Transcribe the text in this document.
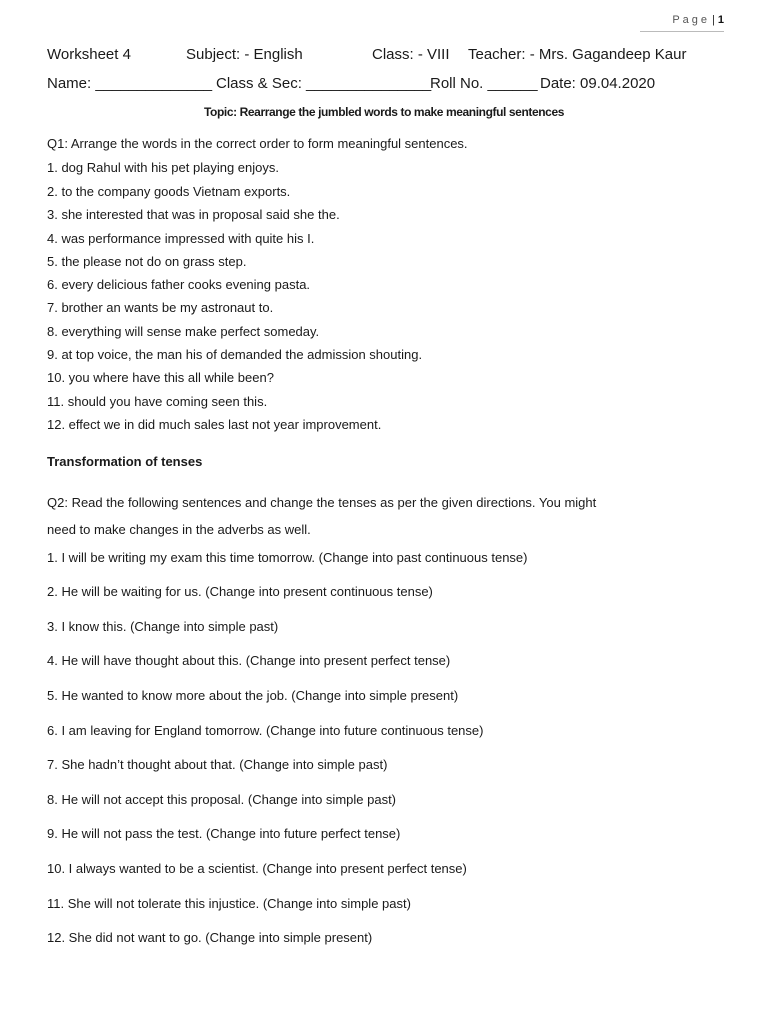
Page | 1
Worksheet 4	Subject: - English	Class: - VIII Teacher: - Mrs. Gagandeep Kaur
Name: ______________ Class & Sec: _______________
Roll No. ______ Date: 09.04.2020
Topic: Rearrange the jumbled words to make meaningful sentences
Q1: Arrange the words in the correct order to form meaningful sentences.
1. dog Rahul with his pet playing enjoys.
2. to the company goods Vietnam exports.
3. she interested that was in proposal said she the.
4. was performance impressed with quite his I.
5. the please not do on grass step.
6. every delicious father cooks evening pasta.
7. brother an wants be my astronaut to.
8. everything will sense make perfect someday.
9. at top voice, the man his of demanded the admission shouting.
10. you where have this all while been?
11. should you have coming seen this.
12. effect we in did much sales last not year improvement.
Transformation of tenses
Q2: Read the following sentences and change the tenses as per the given directions. You might
need to make changes in the adverbs as well.
1. I will be writing my exam this time tomorrow. (Change into past continuous tense)
2. He will be waiting for us. (Change into present continuous tense)
3. I know this. (Change into simple past)
4. He will have thought about this. (Change into present perfect tense)
5. He wanted to know more about the job. (Change into simple present)
6. I am leaving for England tomorrow. (Change into future continuous tense)
7. She hadn’t thought about that. (Change into simple past)
8. He will not accept this proposal. (Change into simple past)
9. He will not pass the test. (Change into future perfect tense)
10. I always wanted to be a scientist. (Change into present perfect tense)
11. She will not tolerate this injustice. (Change into simple past)
12. She did not want to go. (Change into simple present)
